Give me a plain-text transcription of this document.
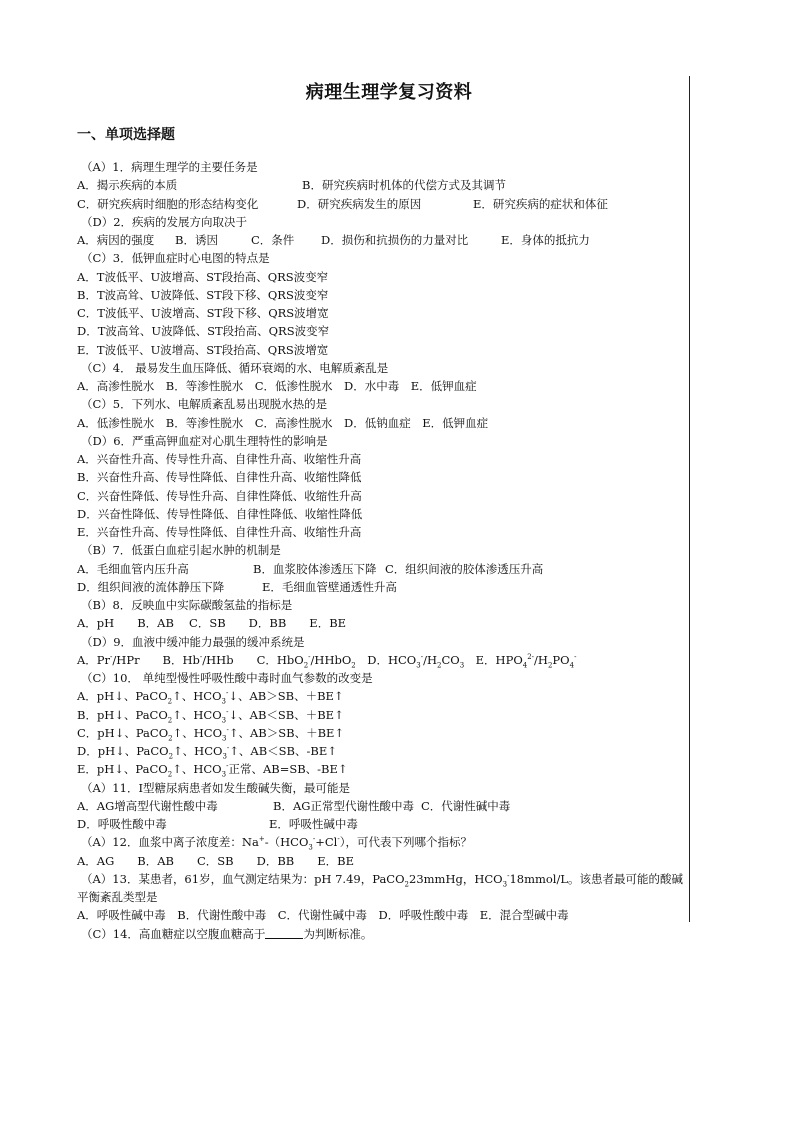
病理生理学复习资料
一、单项选择题
（A）1．病理生理学的主要任务是
A．揭示疾病的本质	B．研究疾病时机体的代偿方式及其调节
C．研究疾病时细胞的形态结构变化	D．研究疾病发生的原因	E．研究疾病的症状和体征
（D）2．疾病的发展方向取决于
A．病因的强度 B．诱因	C．条件 D．损伤和抗损伤的力量对比	E．身体的抵抗力
（C）3．低钾血症时心电图的特点是
A．T波低平、U波增高、ST段抬高、QRS波变窄
B．T波高耸、U波降低、ST段下移、QRS波变窄
C．T波低平、U波增高、ST段下移、QRS波增宽
D．T波高耸、U波降低、ST段抬高、QRS波变窄
E．T波低平、U波增高、ST段抬高、QRS波增宽
（C）4． 最易发生血压降低、循环衰竭的水、电解质紊乱是
A．高渗性脱水　B．等渗性脱水　C．低渗性脱水　D．水中毒　E．低钾血症
（C）5．下列水、电解质紊乱易出现脱水热的是
A．低渗性脱水　B．等渗性脱水　C．高渗性脱水　D．低钠血症　E．低钾血症
（D）6．严重高钾血症对心肌生理特性的影响是
A．兴奋性升高、传导性升高、自律性升高、收缩性升高
B．兴奋性升高、传导性降低、自律性升高、收缩性降低
C．兴奋性降低、传导性升高、自律性降低、收缩性升高
D．兴奋性降低、传导性降低、自律性降低、收缩性降低
E．兴奋性升高、传导性降低、自律性升高、收缩性升高
（B）7．低蛋白血症引起水肿的机制是
A．毛细血管内压升高	B．血浆胶体渗透压下降 C．组织间液的胶体渗透压升高
D．组织间液的流体静压下降	E．毛细血管壁通透性升高
（B）8．反映血中实际碳酸氢盐的指标是
A．pH　　B．AB　 C．SB　　D．BB　　E．BE
（D）9．血液中缓冲能力最强的缓冲系统是
A．Pr-/HPr　　B．Hb-/HHb　　C．HbO$_2$-/HHbO$_2$　D．$HCO_3^-/H_2CO_3$　E．$HPO_4^{2-}/H_2PO_4^-$
（C）10． 单纯型慢性呼吸性酸中毒时血气参数的改变是
A．pH↓、PaCO$_2$↑、$HCO_3^-↓$、AB＞SB、＋BE↑
B．pH↓、PaCO$_2$↑、$HCO_3^-↓$、AB＜SB、＋BE↑
C．pH↓、PaCO$_2$↑、$HCO_3^-↑$、AB＞SB、＋BE↑
D．pH↓、PaCO$_2$↑、$HCO_3^-↑$、AB＜SB、-BE↑
E．pH↓、PaCO$_2$↑、$HCO_3^-$正常、AB=SB、-BE↑
（A）11．I型糖尿病患者如发生酸碱失衡，最可能是
A．AG增高型代谢性酸中毒	B．AG正常型代谢性酸中毒 C．代谢性碱中毒
D．呼吸性酸中毒	E．呼吸性碱中毒
（A）12．血浆中离子浓度差：$Na^+-(HCO_3^-+Cl^-)$，可代表下列哪个指标？
A．AG　　B．AB　　C．SB　　D．BB　　E．BE
（A）13．某患者，61岁，血气测定结果为：pH 7.49，PaCO$_2$23mmHg，$HCO_3^-18mmol/L$。该患者最可能的酸碱
平衡紊乱类型是
A．呼吸性碱中毒　B．代谢性酸中毒　C．代谢性碱中毒　D．呼吸性酸中毒　E．混合型碱中毒
（C）14．高血糖症以空腹血糖高于	为判断标准。
